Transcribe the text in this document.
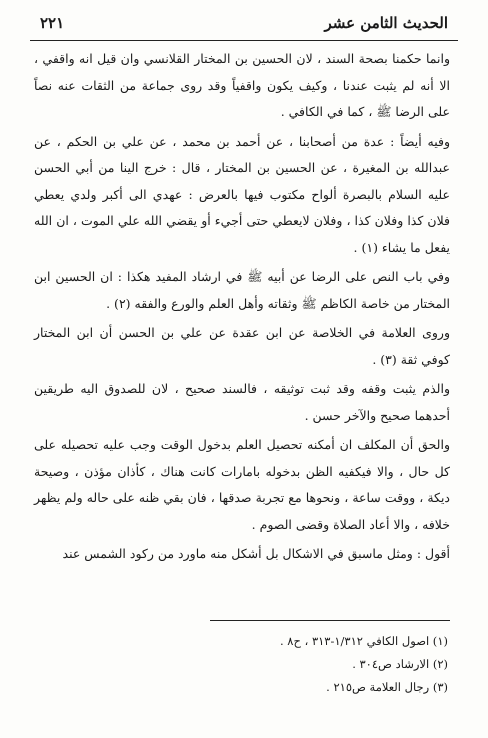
الحديث الثامن عشر
٢٢١

وانما حكمنا بصحة السند ، لان الحسين بن المختار القلانسي وان قيل انه واقفي ، الا أنه لم يثبت عندنا ، وكيف يكون واقفياً وقد روى جماعة من الثقات عنه نصاً على الرضا ﷺ ، كما في الكافي .

وفيه أيضاً : عدة من أصحابنا ، عن أحمد بن محمد ، عن علي بن الحكم ، عن عبدالله بن المغيرة ، عن الحسين بن المختار ، قال : خرج الينا من أبي الحسن عليه السلام بالبصرة ألواح مكتوب فيها بالعرض : عهدي الى أكبر ولدي يعطي فلان كذا وفلان كذا ، وفلان لايعطي حتى أجيء أو يقضي الله علي الموت ، ان الله يفعل ما يشاء (١) .

وفي باب النص على الرضا عن أبيه ﷺ في ارشاد المفيد هكذا : ان الحسين ابن المختار من خاصة الكاظم ﷺ وثقاته وأهل العلم والورع والفقه (٢) .

وروى العلامة في الخلاصة عن ابن عقدة عن علي بن الحسن أن ابن المختار كوفي ثقة (٣) .

والذم يثبت وقفه وقد ثبت توثيقه ، فالسند صحيح ، لان للصدوق اليه طريقين أحدهما صحيح والآخر حسن .

والحق أن المكلف ان أمكنه تحصيل العلم بدخول الوقت وجب عليه تحصيله على كل حال ، والا فيكفيه الظن بدخوله بامارات كانت هناك ، كأذان مؤذن ، وصيحة ديكة ، ووقت ساعة ، ونحوها مع تجربة صدقها ، فان بقي ظنه على حاله ولم يظهر خلافه ، والا أعاد الصلاة وقضى الصوم .

أقول : ومثل ماسبق في الاشكال بل أشكل منه ماورد من ركود الشمس عند

(١) اصول الكافي ١/٣١٢-٣١٣ ، ح٨ .

(٢) الارشاد ص٣٠٤ .

(٣) رجال العلامة ص٢١٥ .
